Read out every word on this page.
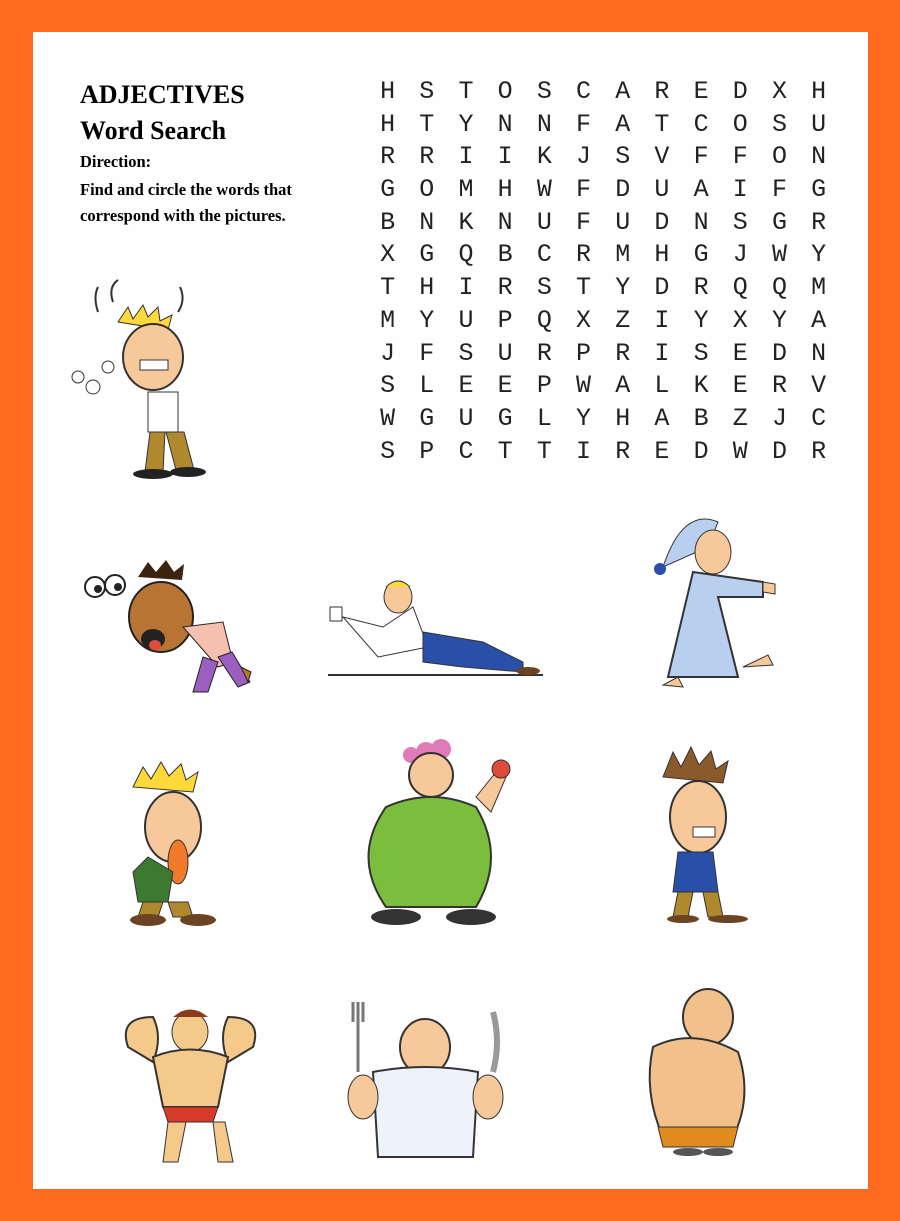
ADJECTIVES
Word Search
Direction:
Find and circle the words that correspond with the pictures.
H S T O S C A R E D X H
H T Y N N F A T C O S U
R R I I K J S V F F O N
G O M H W F D U A I F G
B N K N U F U D N S G R
X G Q B C R M H G J W Y
T H I R S T Y D R Q Q M
M Y U P Q X Z I Y X Y A
J F S U R P R I S E D N
S L E E P W A L K E R V
W G U G L Y H A B Z J C
S P C T T I R E D W D R
